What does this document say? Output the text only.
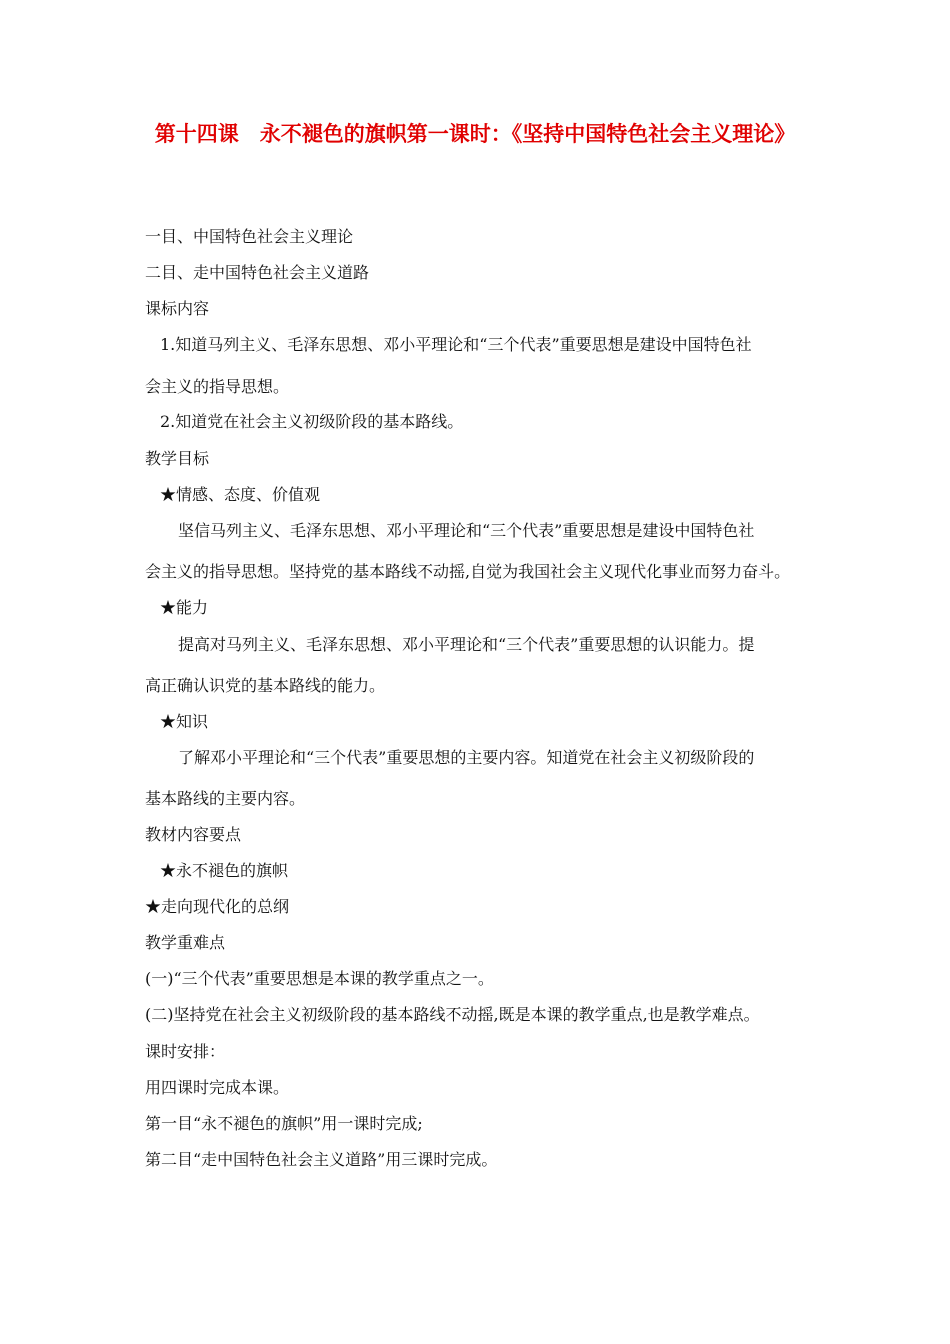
第十四课　永不褪色的旗帜第一课时：《坚持中国特色社会主义理论》

一目、中国特色社会主义理论

二目、走中国特色社会主义道路

课标内容

1.知道马列主义、毛泽东思想、邓小平理论和“三个代表”重要思想是建设中国特色社

会主义的指导思想。

2.知道党在社会主义初级阶段的基本路线。

教学目标

★情感、态度、价值观

坚信马列主义、毛泽东思想、邓小平理论和“三个代表”重要思想是建设中国特色社

会主义的指导思想。坚持党的基本路线不动摇,自觉为我国社会主义现代化事业而努力奋斗。

★能力

提高对马列主义、毛泽东思想、邓小平理论和“三个代表”重要思想的认识能力。提

高正确认识党的基本路线的能力。

★知识

了解邓小平理论和“三个代表”重要思想的主要内容。知道党在社会主义初级阶段的

基本路线的主要内容。

教材内容要点

★永不褪色的旗帜

★走向现代化的总纲

教学重难点

(一)“三个代表”重要思想是本课的教学重点之一。

(二)坚持党在社会主义初级阶段的基本路线不动摇,既是本课的教学重点,也是教学难点。

课时安排：

用四课时完成本课。

第一目“永不褪色的旗帜”用一课时完成;

第二目“走中国特色社会主义道路”用三课时完成。
